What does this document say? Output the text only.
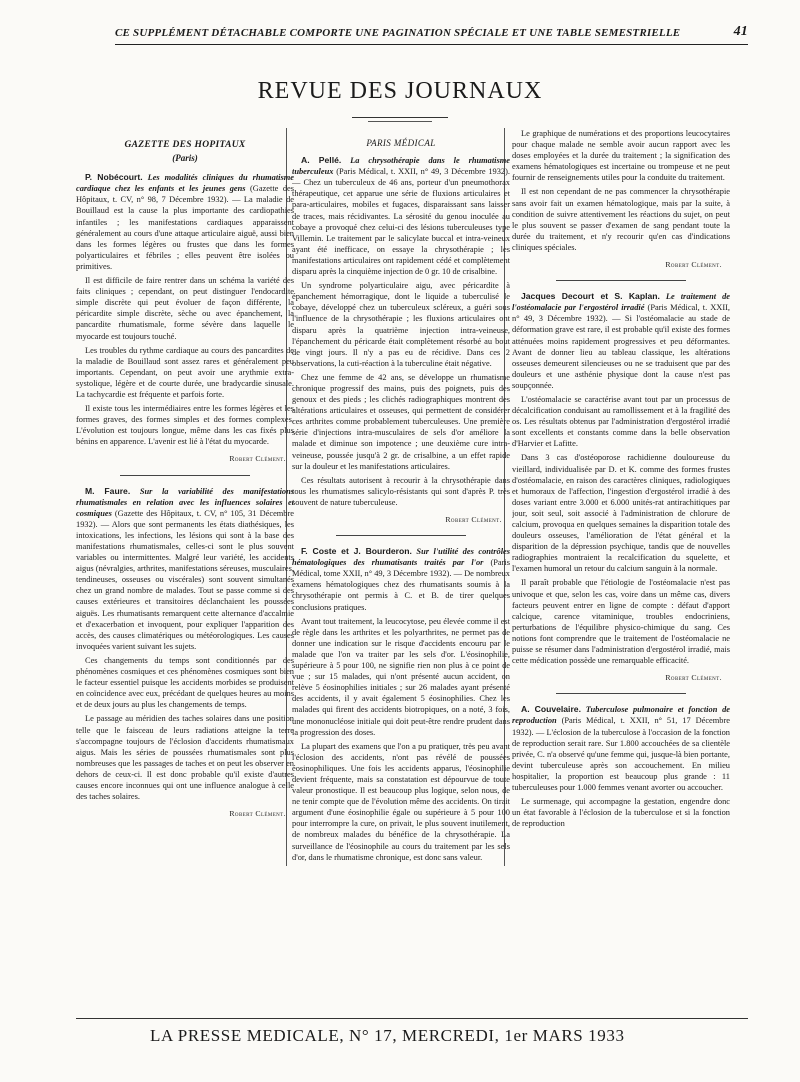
CE SUPPLÉMENT DÉTACHABLE COMPORTE UNE PAGINATION SPÉCIALE ET UNE TABLE SEMESTRIELLE	41
REVUE DES JOURNAUX

GAZETTE DES HOPITAUX

(Paris)

P. Nobécourt. Les modalités cliniques du rhumatisme cardiaque chez les enfants et les jeunes gens (Gazette des Hôpitaux, t. CV, n° 98, 7 Décembre 1932). — La maladie de Bouillaud est la cause la plus importante des cardiopathies infantiles ; les manifestations cardiaques apparaissent généralement au cours d'une attaque articulaire aiguë, aussi bien dans les formes légères ou frustes que dans les formes polyarticulaires et fébriles ; elles peuvent être isolées ou primitives.

Il est difficile de faire rentrer dans un schéma la variété des faits cliniques ; cependant, on peut distinguer l'endocardite simple discrète qui peut évoluer de façon différente, la péricardite simple discrète, sèche ou avec épanchement, la pancardite rhumatismale, forme sévère dans laquelle le myocarde est toujours touché.

Les troubles du rythme cardiaque au cours des pancardites de la maladie de Bouillaud sont assez rares et généralement peu importants. Cependant, on peut avoir une arythmie extra-systolique, légère et de courte durée, une bradycardie sinusale. La tachycardie est fréquente et parfois forte.

Il existe tous les intermédiaires entre les formes légères et les formes graves, des formes simples et des formes complexes. L'évolution est toujours longue, même dans les cas fixés plus bénins en apparence. L'avenir est lié à l'état du myocarde.

Robert Clément.

M. Faure. Sur la variabilité des manifestations rhumatismales en relation avec les influences solaires et cosmiques (Gazette des Hôpitaux, t. CV, n° 105, 31 Décembre 1932). — Alors que sont permanents les états diathésiques, les intoxications, les infections, les lésions qui sont à la base des manifestations rhumatismales, celles-ci sont le plus souvent variables ou intermittentes. Malgré leur variété, les accidents aigus (névralgies, arthrites, manifestations séreuses, musculaires, tendineuses, osseuses ou viscérales) sont souvent simultanés chez un grand nombre de malades. Tout se passe comme si des causes extérieures et transitoires déclanchaient les poussées aiguës. Les rhumatisants remarquent cette alternance d'accalmie et d'exacerbation et invoquent, pour expliquer l'apparition des accès, des causes climatériques ou météorologiques. Les causes invoquées varient suivant les sujets.

Ces changements du temps sont conditionnés par des phénomènes cosmiques et ces phénomènes cosmiques sont bien le facteur essentiel puisque les accidents morbides se produisent en coïncidence avec eux, précédant de quelques heures au moins et de deux jours au plus les changements de temps.

Le passage au méridien des taches solaires dans une position telle que le faisceau de leurs radiations atteigne la terre s'accompagne toujours de l'éclosion d'accidents rhumatismaux aigus. Mais les séries de poussées rhumatismales sont plus nombreuses que les passages de taches et on peut les observer en dehors de ceux-ci. Il est donc probable qu'il existe d'autres causes encore inconnues qui ont une influence analogue à celle des taches solaires.

Robert Clément.

PARIS MÉDICAL

A. Pellé. La chrysothérapie dans le rhumatisme tuberculeux (Paris Médical, t. XXII, n° 49, 3 Décembre 1932). — Chez un tuberculeux de 46 ans, porteur d'un pneumothorax thérapeutique, cet apparue une série de fluxions articulaires et para-articulaires, mobiles et fugaces, disparaissant sans laisser de traces, mais récidivantes. La sérosité du genou inoculée au cobaye a provoqué chez celui-ci des lésions tuberculeuses type Villemin. Le traitement par le salicylate buccal et intra-veineux ayant été inefficace, on essaye la chrysothérapie ; les manifestations articulaires ont rapidement cédé et complètement disparu après la cinquième injection de 0 gr. 10 de crisalbine.

Un syndrome polyarticulaire aigu, avec péricardite à épanchement hémorragique, dont le liquide a tuberculisé le cobaye, développé chez un tuberculeux scléreux, a guéri sous l'influence de la chrysothérapie ; les fluxions articulaires ont disparu après la quatrième injection intra-veineuse, l'épanchement du péricarde était complètement résorbé au bout de vingt jours. Il n'y a pas eu de récidive. Dans ces 2 observations, la cuti-réaction à la tuberculine était négative.

Chez une femme de 42 ans, se développe un rhumatisme chronique progressif des mains, puis des poignets, puis des genoux et des pieds ; les clichés radiographiques montrent des altérations articulaires et osseuses, qui permettent de considérer ces arthrites comme probablement tuberculeuses. Une première série d'injections intra-musculaires de sels d'or améliore la malade et diminue son impotence ; une deuxième cure intra-veineuse, poussée jusqu'à 2 gr. de crisalbine, a un effet rapide sur la douleur et les manifestations articulaires.

Ces résultats autorisent à recourir à la chrysothérapie dans tous les rhumatismes salicylo-résistants qui sont d'après P. très souvent de nature tuberculeuse.

Robert Clément.

F. Coste et J. Bourderon. Sur l'utilité des contrôles hématologiques des rhumatisants traités par l'or (Paris Médical, tome XXII, n° 49, 3 Décembre 1932). — De nombreux examens hématologiques chez des rhumatisants soumis à la chrysothérapie ont permis à C. et B. de tirer quelques conclusions pratiques.

Avant tout traitement, la leucocytose, peu élevée comme il est de règle dans les arthrites et les polyarthrites, ne permet pas de donner une indication sur le risque d'accidents encouru par le malade que l'on va traiter par les sels d'or. L'éosinophilie, supérieure à 5 pour 100, ne signifie rien non plus à ce point de vue ; sur 15 malades, qui n'ont présenté aucun accident, on relève 5 éosinophilies initiales ; sur 26 malades ayant présenté des accidents, il y avait également 5 éosinophilies. Chez les malades qui firent des accidents biotropiques, on a noté, 3 fois, une mononucléose initiale qui doit peut-être rendre prudent dans la progression des doses.

La plupart des examens que l'on a pu pratiquer, très peu avant l'éclosion des accidents, n'ont pas révélé de poussées éosinophiliques. Une fois les accidents apparus, l'éosinophilie devient fréquente, mais sa constatation est dépourvue de toute valeur pronostique. Il est beaucoup plus logique, selon nous, de ne tenir compte que de l'évolution même des accidents. On tirait argument d'une éosinophilie égale ou supérieure à 5 pour 100 pour interrompre la cure, on privait, le plus souvent inutilement, de nombreux malades du bénéfice de la chrysothérapie. La surveillance de l'éosinophile au cours du traitement par les sels d'or, dans le rhumatisme chronique, est donc sans valeur.

Le graphique de numérations et des proportions leucocytaires pour chaque malade ne semble avoir aucun rapport avec les doses employées et la durée du traitement ; la signification des examens hématologiques est incertaine ou trompeuse et ne peut fournir de renseignements utiles pour la conduite du traitement.

Il est non cependant de ne pas commencer la chrysothérapie sans avoir fait un examen hématologique, mais par la suite, à condition de suivre attentivement les réactions du sujet, on peut le plus souvent se passer d'examen de sang pendant toute la durée du traitement, et n'y recourir qu'en cas d'indications cliniques spéciales.

Robert Clément.

Jacques Decourt et S. Kaplan. Le traitement de l'ostéomalacie par l'ergostérol irradié (Paris Médical, t. XXII, n° 49, 3 Décembre 1932). — Si l'ostéomalacie au stade de déformation grave est rare, il est probable qu'il existe des formes atténuées moins rapidement progressives et peu déformantes. Avant de donner lieu au tableau classique, les altérations osseuses demeurent silencieuses ou ne se traduisent que par des douleurs et une asthénie physique dont la cause n'est pas soupçonnée.

L'ostéomalacie se caractérise avant tout par un processus de décalcification conduisant au ramollissement et à la fragilité des os. Les résultats obtenus par l'administration d'ergostérol irradié sont excellents et constants comme dans la belle observation d'Harvier et Lafitte.

Dans 3 cas d'ostéoporose rachidienne douloureuse du vieillard, individualisée par D. et K. comme des formes frustes d'ostéomalacie, en raison des caractères cliniques, radiologiques et humoraux de l'affection, l'ingestion d'ergostérol irradié à des doses variant entre 3.000 et 6.000 unités-rat antirachitiques par jour, soit seul, soit associé à l'administration de chlorure de calcium, provoqua en quelques semaines la disparition totale des douleurs osseuses, l'amélioration de l'état général et la disparition de la dépression psychique, tandis que de nouvelles radiographies montraient la recalcification du squelette, et l'examen humoral un retour du calcium sanguin à la normale.

Il paraît probable que l'étiologie de l'ostéomalacie n'est pas univoque et que, selon les cas, voire dans un même cas, divers facteurs peuvent entrer en ligne de compte : défaut d'apport calcique, carence vitaminique, troubles endocriniens, perturbations de l'équilibre physico-chimique du sang. Ces notions font comprendre que le traitement de l'ostéomalacie ne puisse se résumer dans l'administration d'ergostérol irradié, mais cette médication possède une remarquable efficacité.

Robert Clément.

A. Couvelaire. Tuberculose pulmonaire et fonction de reproduction (Paris Médical, t. XXII, n° 51, 17 Décembre 1932). — L'éclosion de la tuberculose à l'occasion de la fonction de reproduction serait rare. Sur 1.800 accouchées de sa clientèle privée, C. n'a observé qu'une femme qui, jusque-là bien portante, devint tuberculeuse après son accouchement. En milieu hospitalier, la proportion est beaucoup plus grande : 11 tuberculeuses pour 1.000 femmes venant avorter ou accoucher.

Le surmenage, qui accompagne la gestation, engendre donc un état favorable à l'éclosion de la tuberculose et si la fonction de reproduction

LA PRESSE MEDICALE, N° 17, MERCREDI, 1er MARS 1933
